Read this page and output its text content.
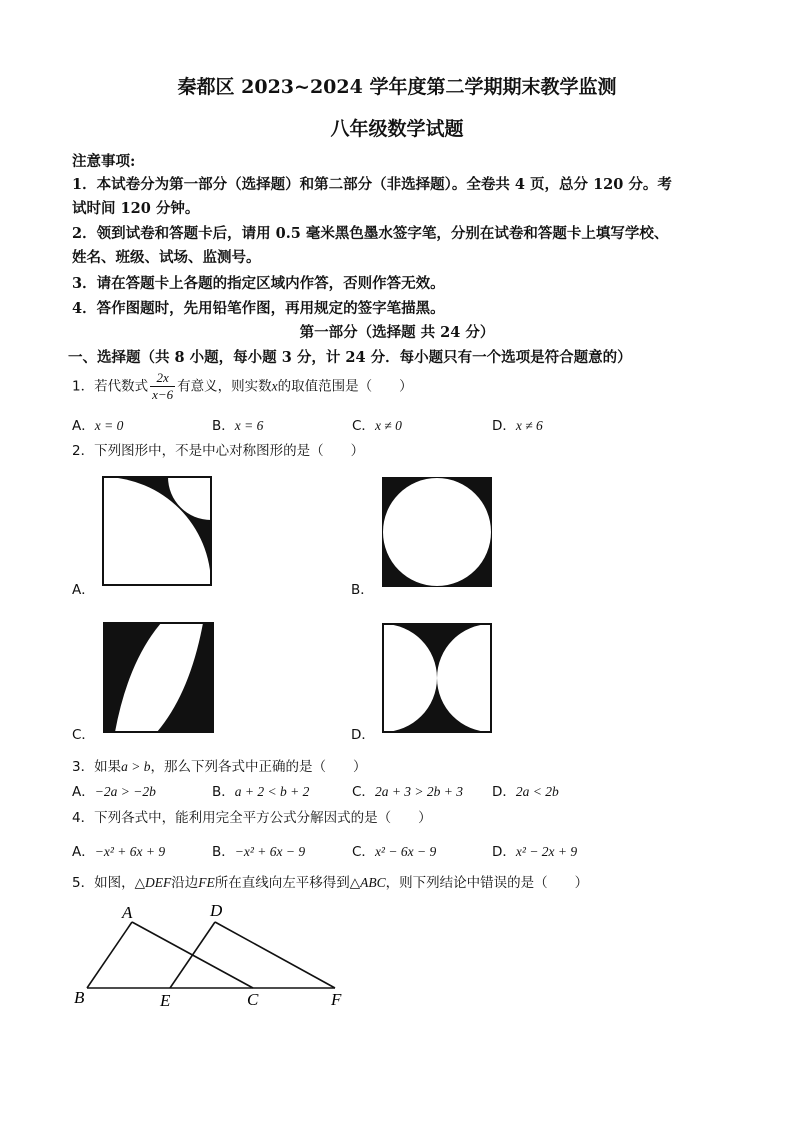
秦都区 2023~2024 学年度第二学期期末教学监测
八年级数学试题
注意事项:
1．本试卷分为第一部分（选择题）和第二部分（非选择题）。全卷共 4 页，总分 120 分。考
试时间 120 分钟。
2．领到试卷和答题卡后，请用 0.5 毫米黑色墨水签字笔，分别在试卷和答题卡上填写学校、
姓名、班级、试场、监测号。
3．请在答题卡上各题的指定区域内作答，否则作答无效。
4．答作图题时，先用铅笔作图，再用规定的签字笔描黑。
第一部分（选择题 共 24 分）
一、选择题（共 8 小题，每小题 3 分，计 24 分．每小题只有一个选项是符合题意的）
1．若代数式 $\frac{2x}{x-6}$ 有意义，则实数x的取值范围是（　　）
A．x = 0	B．x = 6	C．x ≠ 0	D．x ≠ 6
2．下列图形中，不是中心对称图形的是（　　）
A．	B．
C．	D．
3．如果a > b，那么下列各式中正确的是（　　）
A．−2a > −2b	B．a + 2 < b + 2	C．2a + 3 > 2b + 3 D．2a < 2b
4．下列各式中，能利用完全平方公式分解因式的是（　　）
A．−x² + 6x + 9	B．−x² + 6x − 9	C．x² − 6x − 9	D．x² − 2x + 9
5．如图，△DEF沿边FE所在直线向左平移得到△ABC，则下列结论中错误的是（　　）
A	D
B	E	C	F
